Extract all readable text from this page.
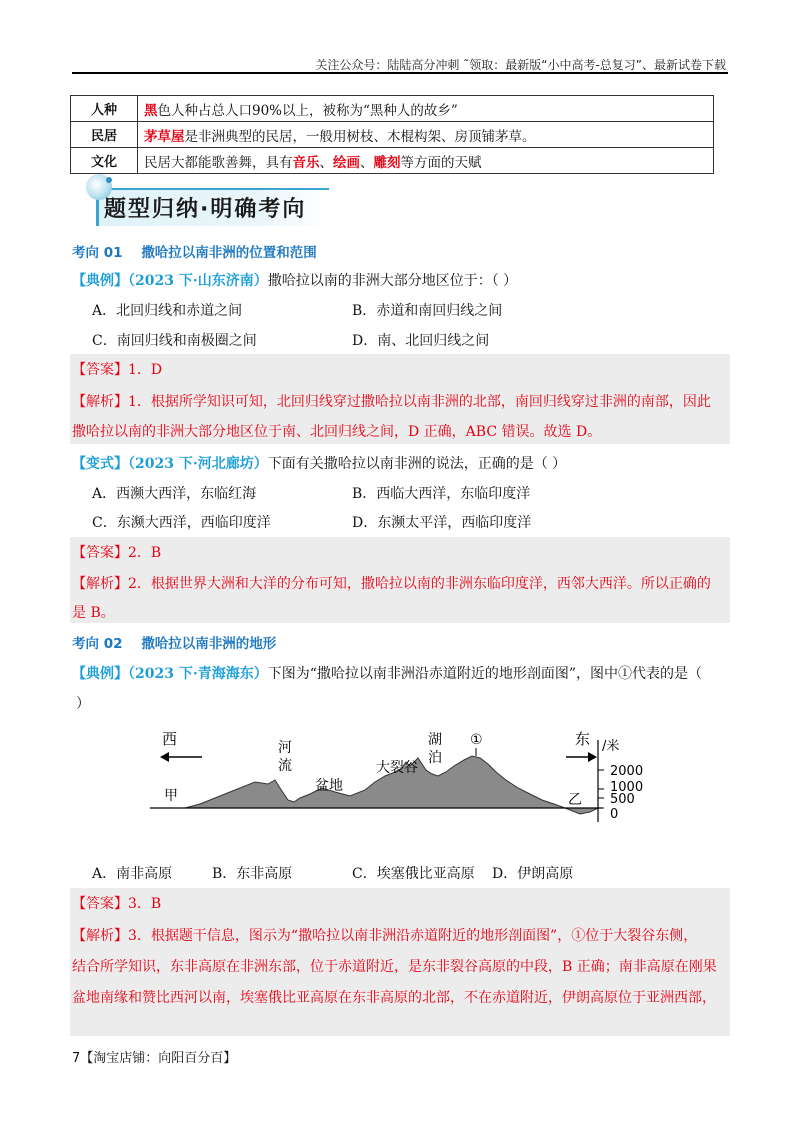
关注公众号：陆陆高分冲刺 ˜领取：最新版“小中高考-总复习”、最新试卷下载
人种	黑色人种占总人口90%以上，被称为“黑种人的故乡”
民居	茅草屋是非洲典型的民居，一般用树枝、木棍构架、房顶铺茅草。
文化	民居大都能歌善舞，具有音乐、绘画、雕刻等方面的天赋
题型归纳·明确考向
考向 01 撒哈拉以南非洲的位置和范围
【典例】（2023 下·山东济南）撒哈拉以南的非洲大部分地区位于：（ ）
A．北回归线和赤道之间	B．赤道和南回归线之间
C．南回归线和南极圈之间	D．南、北回归线之间
【答案】1．D
【解析】1．根据所学知识可知，北回归线穿过撒哈拉以南非洲的北部，南回归线穿过非洲的南部，因此
撒哈拉以南的非洲大部分地区位于南、北回归线之间，D 正确，ABC 错误。故选 D。
【变式】（2023 下·河北廊坊）下面有关撒哈拉以南非洲的说法，正确的是（ ）
A．西濒大西洋，东临红海	B．西临大西洋，东临印度洋
C．东濒大西洋，西临印度洋	D．东濒太平洋，西临印度洋
【答案】2．B
【解析】2．根据世界大洲和大洋的分布可知，撒哈拉以南的非洲东临印度洋，西邻大西洋。所以正确的
是 B。
考向 02 撒哈拉以南非洲的地形
【典例】（2023 下·青海海东）下图为“撒哈拉以南非洲沿赤道附近的地形剖面图”，图中①代表的是（
）
西	东
甲	乙
河
流
盆地
大裂谷
湖
泊
①	/米
2000
1000
500
0
A．南非高原	B．东非高原	C．埃塞俄比亚高原 D．伊朗高原
【答案】3．B
【解析】3．根据题干信息，图示为“撒哈拉以南非洲沿赤道附近的地形剖面图”，①位于大裂谷东侧，
结合所学知识，东非高原在非洲东部，位于赤道附近，是东非裂谷高原的中段，B 正确；南非高原在刚果
盆地南缘和赞比西河以南，埃塞俄比亚高原在东非高原的北部，不在赤道附近，伊朗高原位于亚洲西部，
7【淘宝店铺：向阳百分百】
